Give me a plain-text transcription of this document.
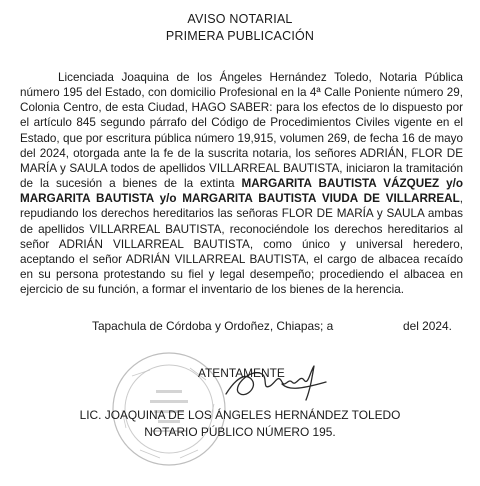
AVISO NOTARIAL
PRIMERA PUBLICACIÓN
Licenciada Joaquina de los Ángeles Hernández Toledo, Notaria Pública número 195 del Estado, con domicilio Profesional en la 4ª Calle Poniente número 29, Colonia Centro, de esta Ciudad, HAGO SABER: para los efectos de lo dispuesto por el artículo 845 segundo párrafo del Código de Procedimientos Civiles vigente en el Estado, que por escritura pública número 19,915, volumen 269, de fecha 16 de mayo del 2024, otorgada ante la fe de la suscrita notaria, los señores ADRIÁN, FLOR DE MARÍA y SAULA todos de apellidos VILLARREAL BAUTISTA, iniciaron la tramitación de la sucesión a bienes de la extinta MARGARITA BAUTISTA VÁZQUEZ y/o MARGARITA BAUTISTA y/o MARGARITA BAUTISTA VIUDA DE VILLARREAL, repudiando los derechos hereditarios las señoras FLOR DE MARÍA y SAULA ambas de apellidos VILLARREAL BAUTISTA, reconociéndole los derechos hereditarios al señor ADRIÁN VILLARREAL BAUTISTA, como único y universal heredero, aceptando el señor ADRIÁN VILLARREAL BAUTISTA, el cargo de albacea recaído en su persona protestando su fiel y legal desempeño; procediendo el albacea en ejercicio de su función, a formar el inventario de los bienes de la herencia.
Tapachula de Córdoba y Ordoñez, Chiapas; a	del 2024.
ATENTAMENTE
LIC. JOAQUINA DE LOS ÁNGELES HERNÁNDEZ TOLEDO
NOTARIO PÚBLICO NÚMERO 195.
